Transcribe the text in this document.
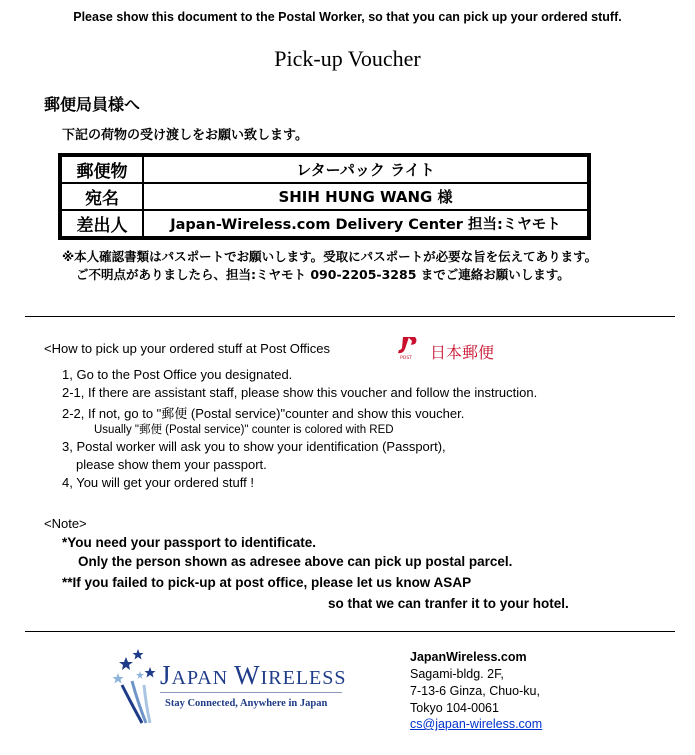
Please show this document to the Postal Worker, so that you can pick up your ordered stuff.
Pick-up Voucher
郵便局員様へ
下記の荷物の受け渡しをお願い致します。
郵便物	レターパック ライト
宛名	SHIH HUNG WANG 様
差出人	Japan-Wireless.com Delivery Center 担当:ミヤモト
※本人確認書類はパスポートでお願いします。受取にパスポートが必要な旨を伝えてあります。
ご不明点がありましたら、担当:ミヤモト 090-2205-3285 までご連絡お願いします。
<How to pick up your ordered stuff at Post Offices
POST 日本郵便
1, Go to the Post Office you designated.
2-1, If there are assistant staff, please show this voucher and follow the instruction.
2-2, If not, go to "郵便 (Postal service)"counter and show this voucher.
Usually "郵便 (Postal service)" counter is colored with RED
3, Postal worker will ask you to show your identification (Passport),
please show them your passport.
4, You will get your ordered stuff !
<Note>
*You need your passport to identificate.
Only the person shown as adresee above can pick up postal parcel.
**If you failed to pick-up at post office, please let us know ASAP
so that we can tranfer it to your hotel.
JAPAN WIRELESS
Stay Connected, Anywhere in Japan
JapanWireless.com
Sagami-bldg. 2F,
7-13-6 Ginza, Chuo-ku,
Tokyo 104-0061
cs@japan-wireless.com
